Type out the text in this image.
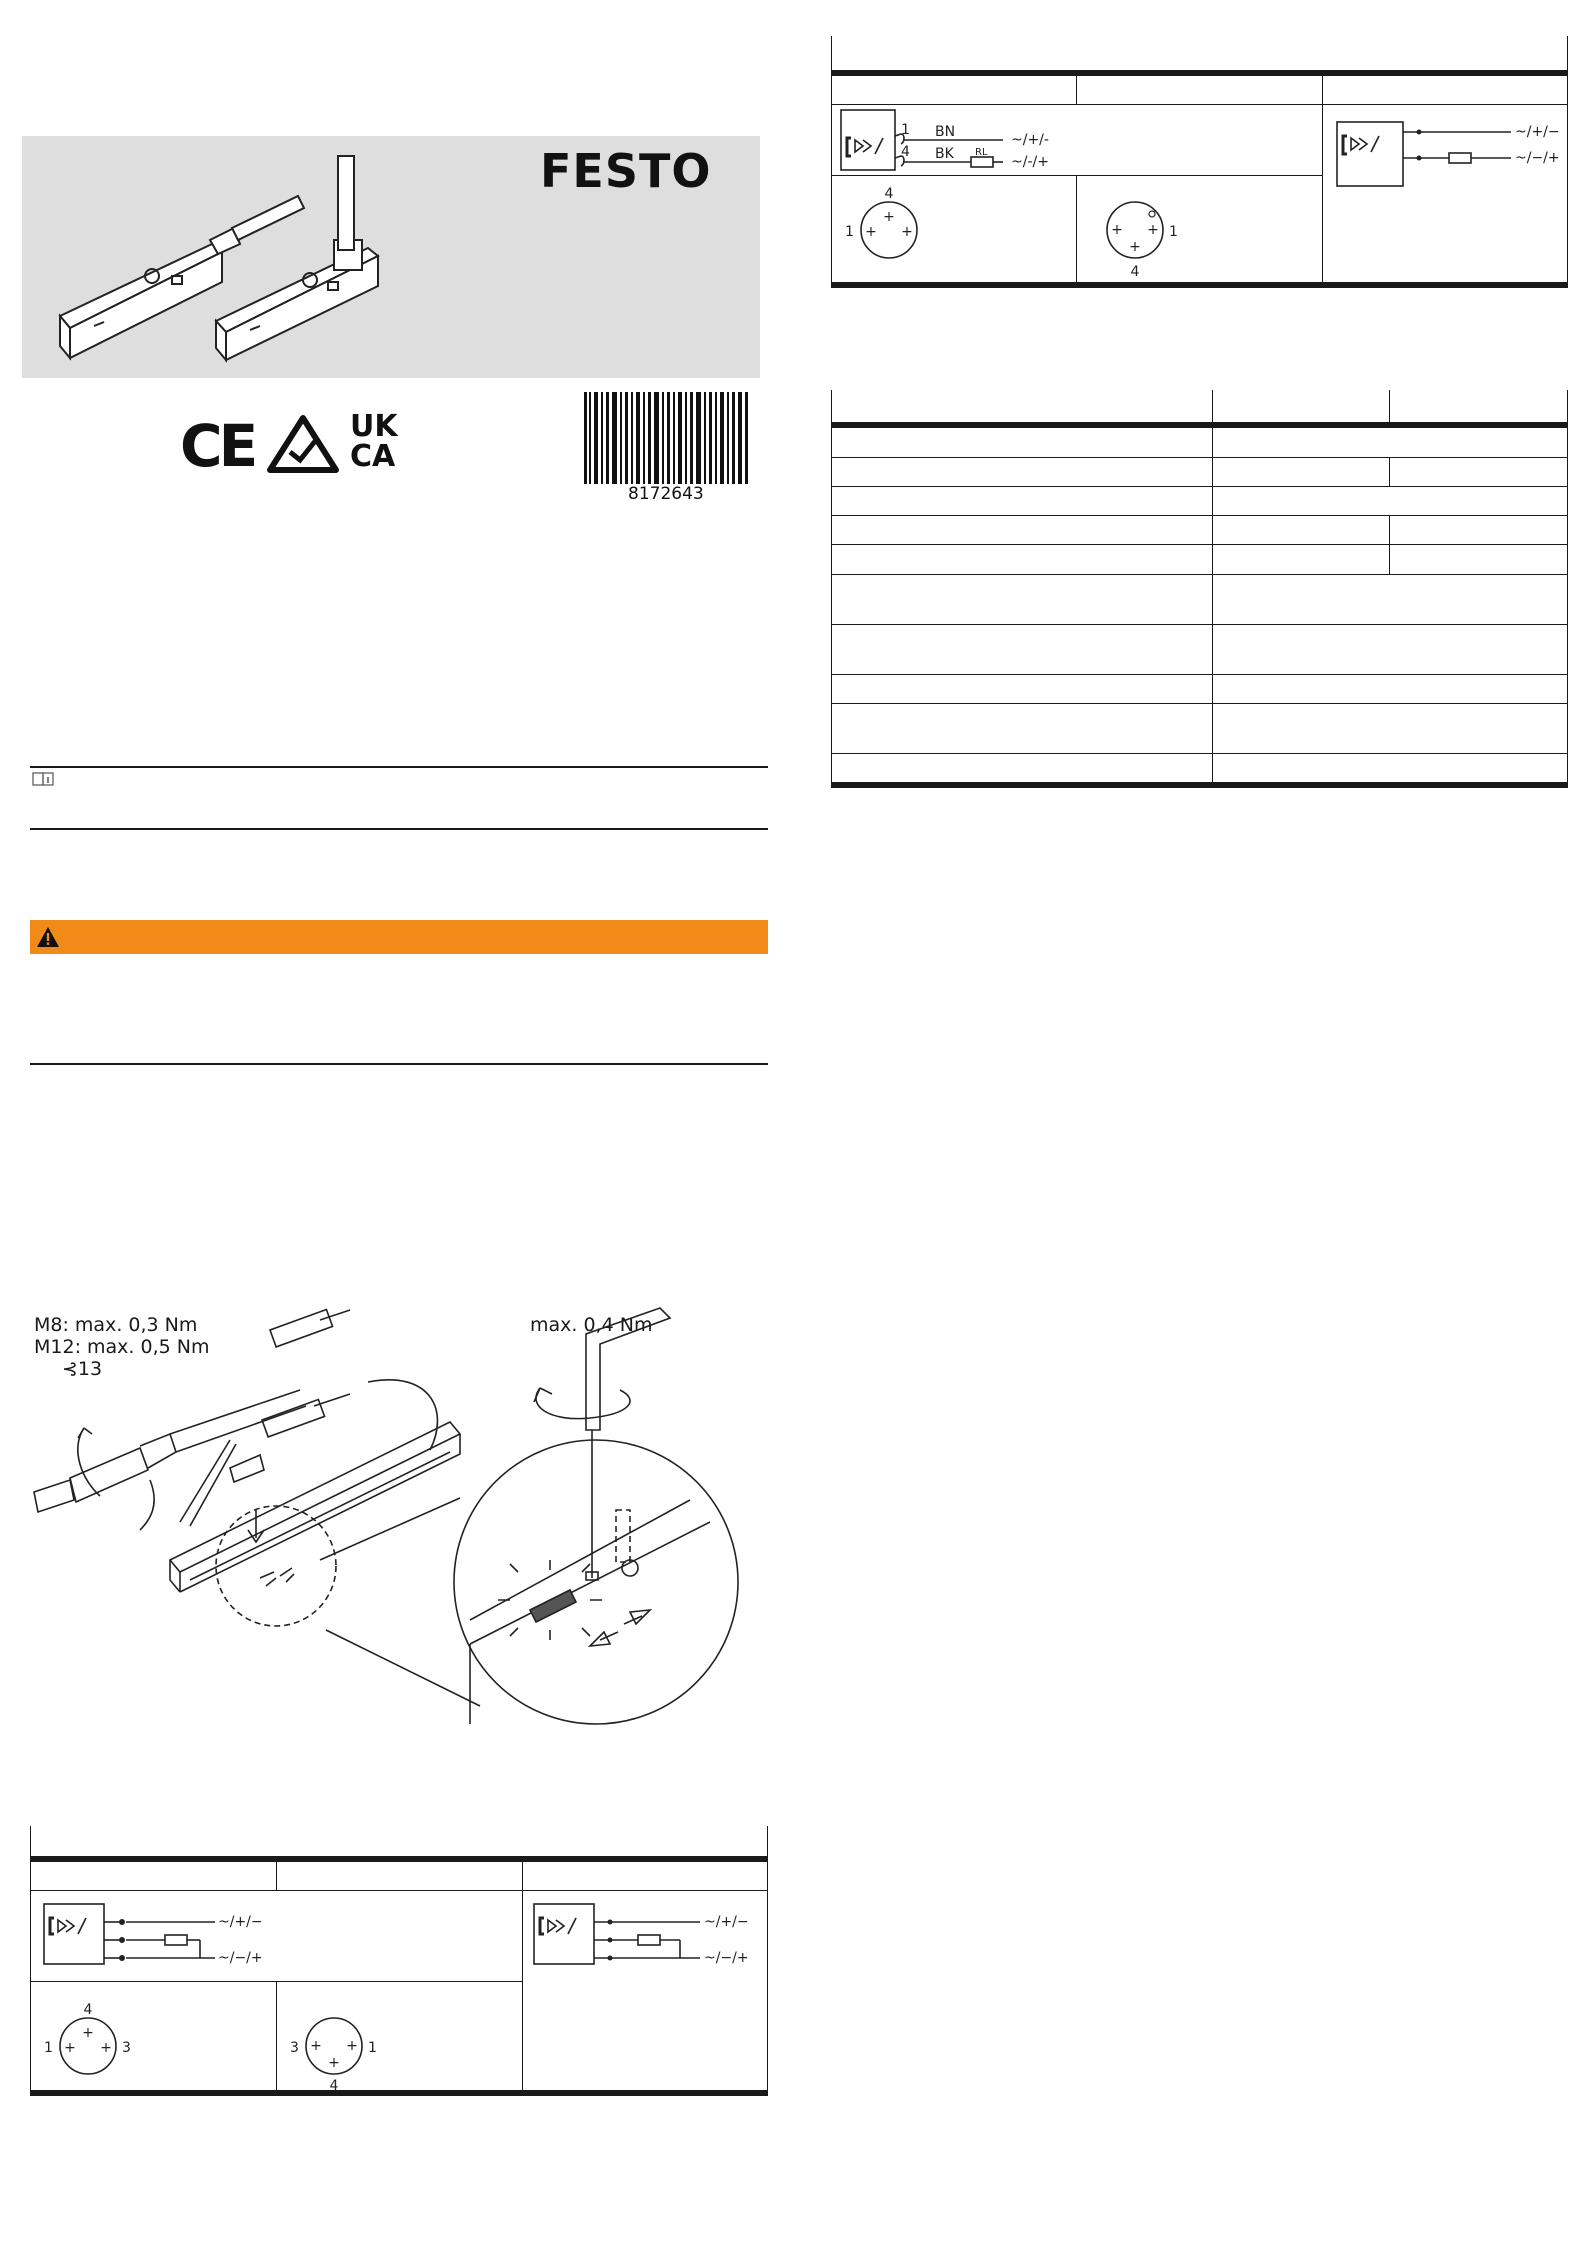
FESTO
CE	UK
CA
8172643
M8: max. 0,3 Nm
M12: max. 0,5 Nm
⊰13
max. 0,4 Nm
~/+/−
~/−/+
4
1	3
+
+ +	3	1
4
+ +
+
~/+/−
~/−/+
1
4
BN
BK RL
~/+/-
~/-/+
4
1
+
+ +	1
4
+ +
+
~/+/−
~/−/+
